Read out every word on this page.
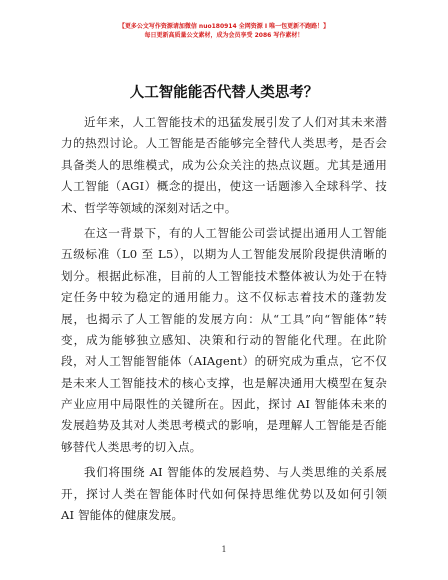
【更多公文写作资源请加微信 nuo180914 全网资源 I 唯一包更新不跑路！】
每日更新高质量公文素材，成为会员享受 2086 写作素材！
人工智能能否代替人类思考？
近年来，人工智能技术的迅猛发展引发了人们对其未来潜
力的热烈讨论。人工智能是否能够完全替代人类思考，是否会
具备类人的思维模式，成为公众关注的热点议题。尤其是通用
人工智能（AGI）概念的提出，使这一话题渗入全球科学、技
术、哲学等领域的深刻对话之中。
在这一背景下，有的人工智能公司尝试提出通用人工智能
五级标准（L0 至 L5），以期为人工智能发展阶段提供清晰的
划分。根据此标准，目前的人工智能技术整体被认为处于在特
定任务中较为稳定的通用能力。这不仅标志着技术的蓬勃发
展，也揭示了人工智能的发展方向：从“工具”向“智能体”转
变，成为能够独立感知、决策和行动的智能化代理。在此阶
段，对人工智能智能体（AIAgent）的研究成为重点，它不仅
是未来人工智能技术的核心支撑，也是解决通用大模型在复杂
产业应用中局限性的关键所在。因此，探讨 AI 智能体未来的
发展趋势及其对人类思考模式的影响，是理解人工智能是否能
够替代人类思考的切入点。
我们将围绕 AI 智能体的发展趋势、与人类思维的关系展
开，探讨人类在智能体时代如何保持思维优势以及如何引领
AI 智能体的健康发展。
1
